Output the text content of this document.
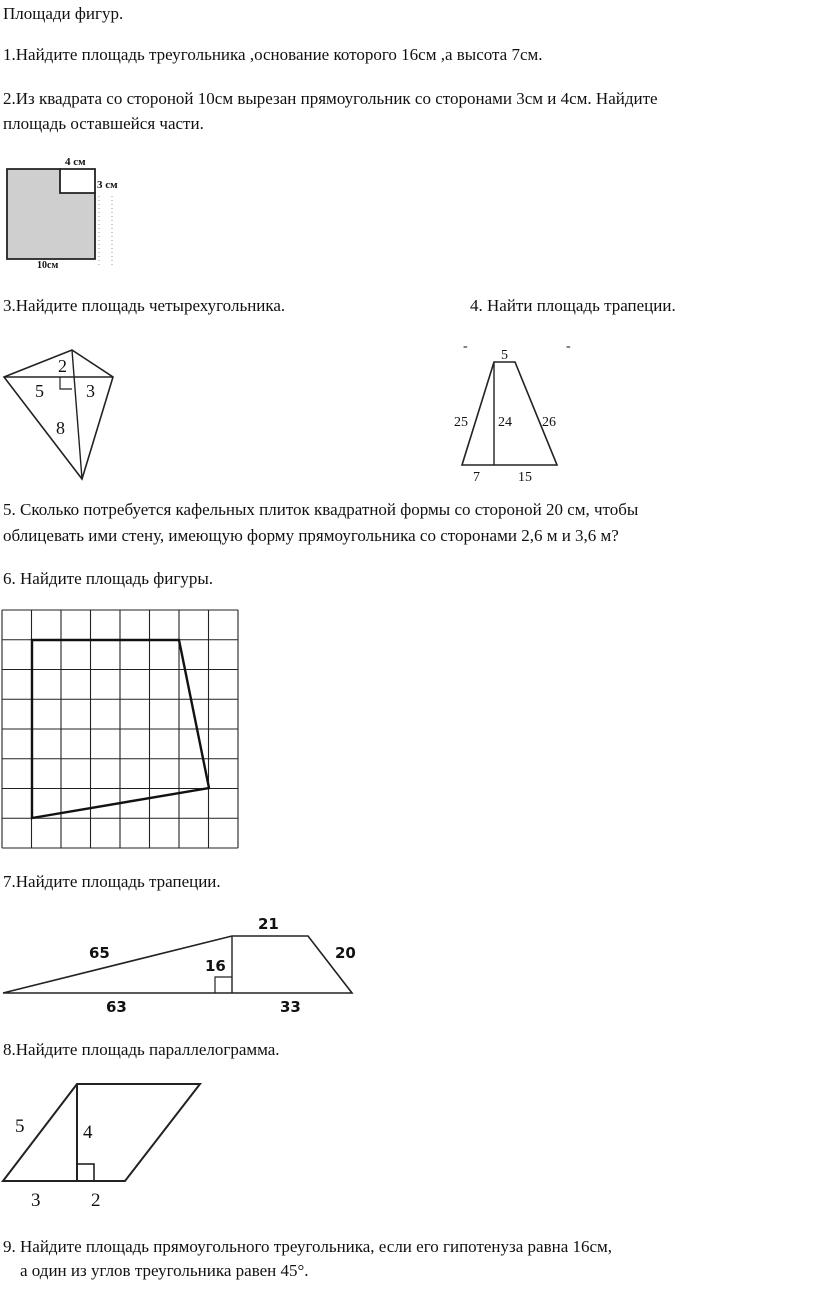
Площади фигур.
1.Найдите площадь треугольника ,основание которого 16см ,а высота 7см.
2.Из квадрата со стороной 10см вырезан прямоугольник со сторонами 3см и 4см. Найдите
площадь оставшейся части.
4 см
3 см
10см
2
5 3
8
-	-
5
25 24 26
7	15
21
65
16
20
63	33
5	4
3	2
3.Найдите площадь четырехугольника.	4. Найти площадь трапеции.
5. Сколько потребуется кафельных плиток квадратной формы со стороной 20 см, чтобы
облицевать ими стену, имеющую форму прямоугольника со сторонами 2,6 м и 3,6 м?
6. Найдите площадь фигуры.
7.Найдите площадь трапеции.
8.Найдите площадь параллелограмма.
9. Найдите площадь прямоугольного треугольника, если его гипотенуза равна 16см,
а один из углов треугольника равен 45°.
